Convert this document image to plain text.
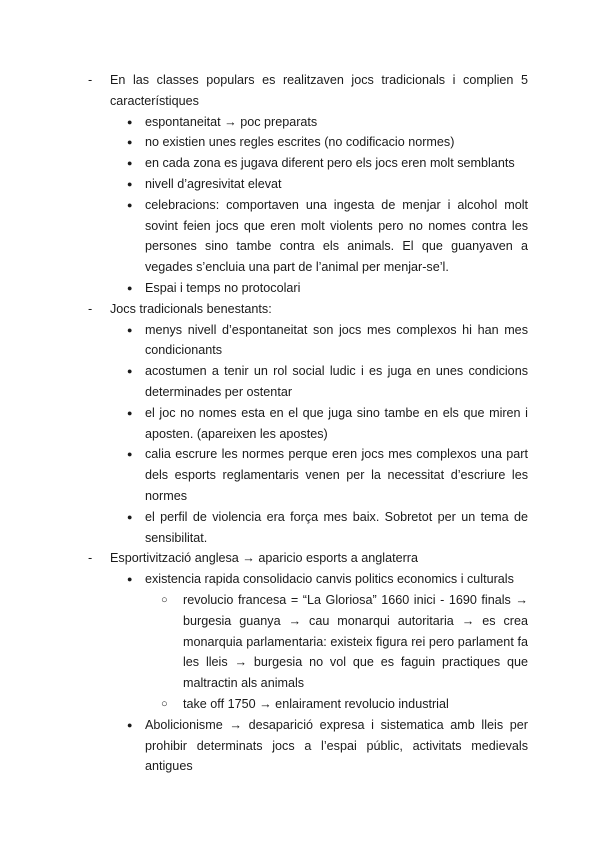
- En las classes populars es realitzaven jocs tradicionals i complien 5 característiques
● espontaneitat → poc preparats
● no existien unes regles escrites (no codificacio normes)
● en cada zona es jugava diferent pero els jocs eren molt semblants
● nivell d’agresivitat elevat
● celebracions: comportaven una ingesta de menjar i alcohol molt sovint feien jocs que eren molt violents pero no nomes contra les persones sino tambe contra els animals. El que guanyaven a vegades s’encluia una part de l’animal per menjar-se’l.
● Espai i temps no protocolari
- Jocs tradicionals benestants:
● menys nivell d’espontaneitat son jocs mes complexos hi han mes condicionants
● acostumen a tenir un rol social ludic i es juga en unes condicions determinades per ostentar
● el joc no nomes esta en el que juga sino tambe en els que miren i aposten. (apareixen les apostes)
● calia escrure les normes perque eren jocs mes complexos una part dels esports reglamentaris venen per la necessitat d’escriure les normes
● el perfil de violencia era força mes baix. Sobretot per un tema de sensibilitat.
- Esportivització anglesa → aparicio esports a anglaterra
● existencia rapida consolidacio canvis politics economics i culturals
○ revolucio francesa = “La Gloriosa” 1660 inici - 1690 finals → burgesia guanya → cau monarqui autoritaria → es crea monarquia parlamentaria: existeix figura rei pero parlament fa les lleis → burgesia no vol que es faguin practiques que maltractin als animals
○ take off 1750 → enlairament revolucio industrial
● Abolicionisme → desaparició expresa i sistematica amb lleis per prohibir determinats jocs a l’espai públic, activitats medievals antigues
